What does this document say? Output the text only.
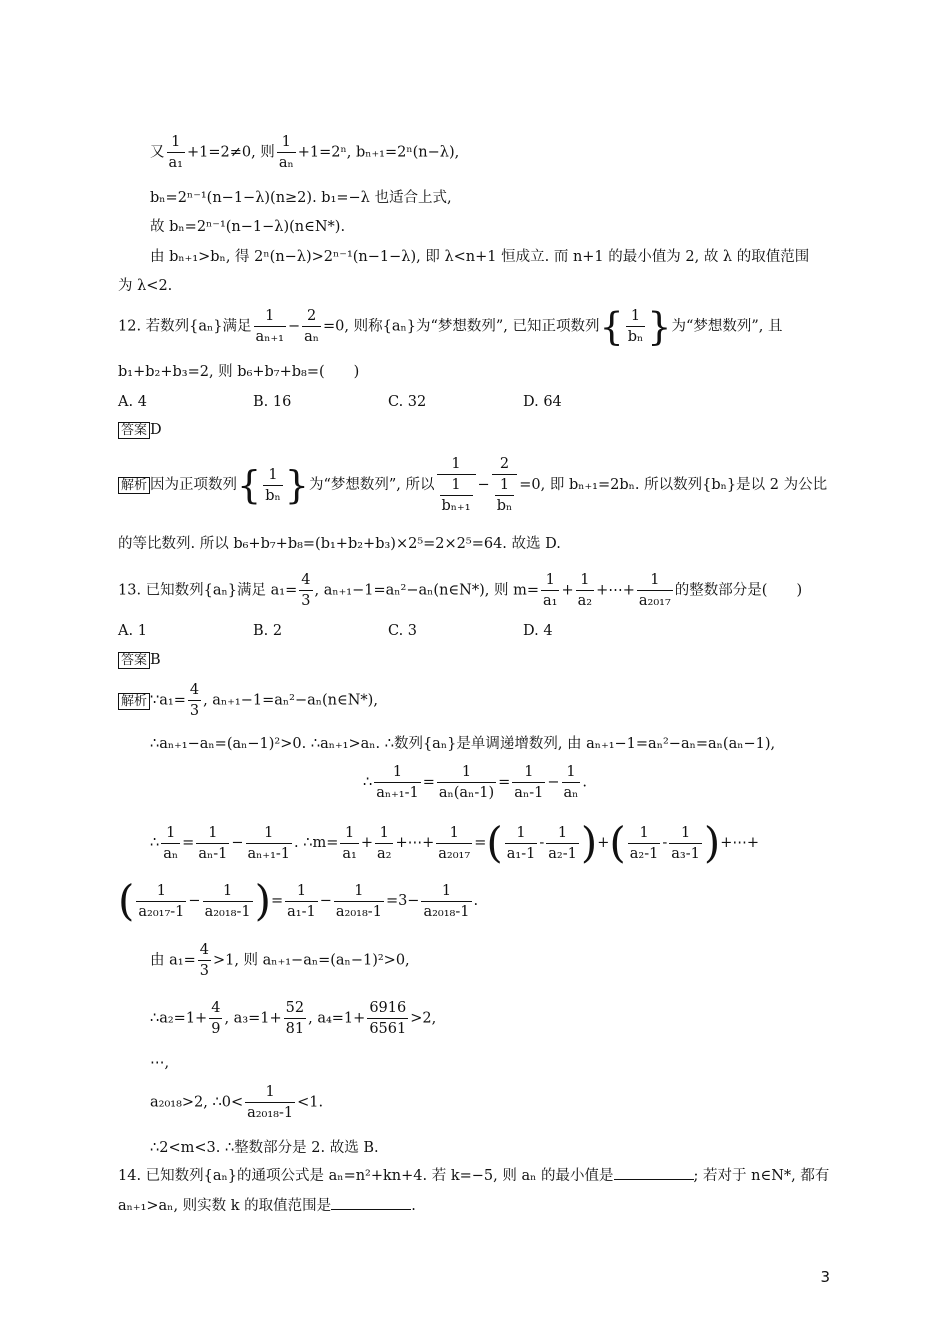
又 $\frac{1}{\text{a₁}} +1=2\ne 0$, 则 $\frac{1}{\text{aₙ}} +1=2^n$, bₙ₊₁=2ⁿ(n−λ),
bₙ=2ⁿ⁻¹(n−1−λ)(n≥2). b₁=−λ 也适合上式,
故 bₙ=2ⁿ⁻¹(n−1−λ)(n∈N*).
由 bₙ₊₁>bₙ, 得 2ⁿ(n−λ)>2ⁿ⁻¹(n−1−λ), 即 λ<n+1 恒成立. 而 n+1 的最小值为 2, 故 λ 的取值范围
为 λ<2.
12. 若数列{aₙ}满足 $\frac{1}{\text{aₙ₊₁}} - \frac{2}{\text{aₙ}} =0$, 则称{aₙ}为“梦想数列”, 已知正项数列{ $\frac{1}{\text{bₙ}}$ }为“梦想数列”, 且
b₁+b₂+b₃=2, 则 b₆+b₇+b₈=(　　)
A. 4	B. 16	C. 32	D. 64
答案 D
解析 因为正项数列{ $\frac{1}{\text{bₙ}}$ }为“梦想数列”, 所以 $\frac{1}{\frac{1}{\text{bₙ₊₁}}} - \frac{2}{\frac{1}{\text{bₙ}}} =0$, 即 bₙ₊₁=2bₙ. 所以数列{bₙ}是以 2 为公比
的等比数列. 所以 b₆+b₇+b₈=(b₁+b₂+b₃)×2⁵=2×2⁵=64. 故选 D.
13. 已知数列{aₙ}满足 $a_1= \frac{4}{3}$ , aₙ₊₁−1=aₙ²−aₙ(n∈N*), 则 $m= \frac{1}{\text{a₁}} + \frac{1}{\text{a₂}}$ +⋯+ $\frac{1}{\text{a₂₀₁₇}}$ 的整数部分是(　　)
A. 1	B. 2	C. 3	D. 4
答案 B
解析 ∵a₁= $\frac{4}{3}$ , aₙ₊₁−1=aₙ²−aₙ(n∈N*),
∴aₙ₊₁−aₙ=(aₙ−1)²>0. ∴aₙ₊₁>aₙ. ∴数列{aₙ}是单调递增数列, 由 aₙ₊₁−1=aₙ²−aₙ=aₙ(aₙ−1),
∴ $\frac{1}{\text{aₙ₊₁-1}} = \frac{1}{\text{aₙ(aₙ-1)}} = \frac{1}{\text{aₙ-1}} - \frac{1}{\text{aₙ}}$ .
∴ $\frac{1}{\text{aₙ}} = \frac{1}{\text{aₙ-1}} - \frac{1}{\text{aₙ₊₁-1}}$ . ∴m= $\frac{1}{\text{a₁}} + \frac{1}{\text{a₂}}$ +⋯+ $\frac{1}{\text{a₂₀₁₇}}$ =( $\frac{1}{\text{a₁-1}} - \frac{1}{\text{a₂-1}}$ )+( $\frac{1}{\text{a₂-1}} - \frac{1}{\text{a₃-1}}$ )+⋯+
( $\frac{1}{\text{a₂₀₁₇-1}} - \frac{1}{\text{a₂₀₁₈-1}}$ )= $\frac{1}{\text{a₁-1}} - \frac{1}{\text{a₂₀₁₈-1}} =3- \frac{1}{\text{a₂₀₁₈-1}}$ .
由 $a_1= \frac{4}{3} >1$, 则 aₙ₊₁−aₙ=(aₙ−1)²>0,
∴a₂=1+ $\frac{4}{9}$ , $a_3=1+ \frac{52}{81}$ , $a_4=1+ \frac{6916}{6561} >2$,
⋯,
a₂₀₁₈>2, ∴0< $\frac{1}{\text{a₂₀₁₈-1}} <1$.
∴2<m<3. ∴整数部分是 2. 故选 B.
14. 已知数列{aₙ}的通项公式是 aₙ=n²+kn+4. 若 k=−5, 则 aₙ 的最小值是	; 若对于 n∈N*, 都有
aₙ₊₁>aₙ, 则实数 k 的取值范围是	.
3
